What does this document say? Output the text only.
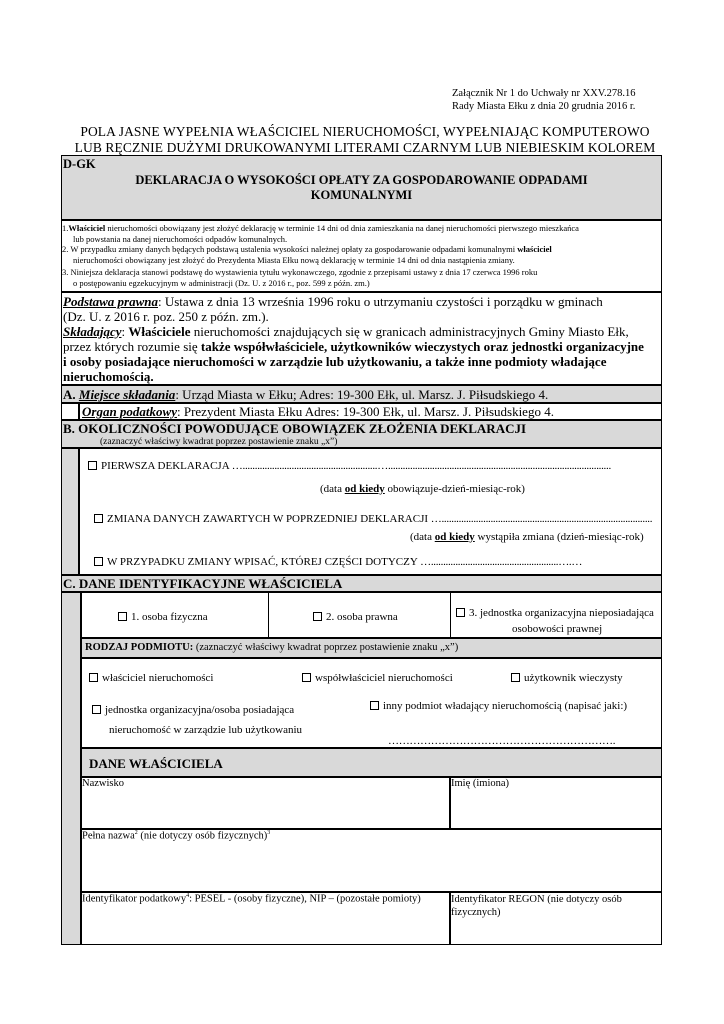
Załącznik Nr 1 do Uchwały nr XXV.278.16
Rady Miasta Ełku z dnia 20 grudnia 2016 r.
POLA JASNE WYPEŁNIA WŁAŚCICIEL NIERUCHOMOŚCI, WYPEŁNIAJĄC KOMPUTEROWO
LUB RĘCZNIE DUŻYMI DRUKOWANYMI LITERAMI CZARNYM LUB NIEBIESKIM KOLOREM
D-GK
DEKLARACJA O WYSOKOŚCI OPŁATY ZA GOSPODAROWANIE ODPADAMI
KOMUNALNYMI
1.Właściciel nieruchomości obowiązany jest złożyć deklarację w terminie 14 dni od dnia zamieszkania na danej nieruchomości pierwszego mieszkańca
lub powstania na danej nieruchomości odpadów komunalnych.
2. W przypadku zmiany danych będących podstawą ustalenia wysokości należnej opłaty za gospodarowanie odpadami komunalnymi właściciel
nieruchomości obowiązany jest złożyć do Prezydenta Miasta Ełku nową deklarację w terminie 14 dni od dnia nastąpienia zmiany.
3. Niniejsza deklaracja stanowi podstawę do wystawienia tytułu wykonawczego, zgodnie z przepisami ustawy z dnia 17 czerwca 1996 roku
o postępowaniu egzekucyjnym w administracji (Dz. U. z 2016 r., poz. 599 z późn. zm.)
Podstawa prawna: Ustawa z dnia 13 września 1996 roku o utrzymaniu czystości i porządku w gminach
(Dz. U. z 2016 r. poz. 250 z późn. zm.).
Składający: Właściciele nieruchomości znajdujących się w granicach administracyjnych Gminy Miasto Ełk,
przez których rozumie się także współwłaściciele, użytkowników wieczystych oraz jednostki organizacyjne
i osoby posiadające nieruchomości w zarządzie lub użytkowaniu, a także inne podmioty władające
nieruchomością.
A. Miejsce składania: Urząd Miasta w Ełku; Adres: 19-300 Ełk, ul. Marsz. J. Piłsudskiego 4.
Organ podatkowy: Prezydent Miasta Ełku Adres: 19-300 Ełk, ul. Marsz. J. Piłsudskiego 4.
B. OKOLICZNOŚCI POWODUJĄCE OBOWIĄZEK ZŁOŻENIA DEKLARACJI
(zaznaczyć właściwy kwadrat poprzez postawienie znaku „x”)
PIERWSZA DEKLARACJA ….......................................................…...........................................................................................
(data od kiedy obowiązuje-dzień-miesiąc-rok)
ZMIANA DANYCH ZAWARTYCH W POPRZEDNIEJ DEKLARACJI …......................................................................................
(data od kiedy wystąpiła zmiana (dzień-miesiąc-rok)
W PRZYPADKU ZMIANY WPISAĆ, KTÓREJ CZĘŚCI DOTYCZY …....................................................….…
C. DANE IDENTYFIKACYJNE WŁAŚCICIELA
1. osoba fizyczna	2. osoba prawna	3. jednostka organizacyjna nieposiadająca
osobowości prawnej
RODZAJ PODMIOTU: (zaznaczyć właściwy kwadrat poprzez postawienie znaku „x”)
właściciel nieruchomości	współwłaściciel nieruchomości	użytkownik wieczysty
jednostka organizacyjna/osoba posiadająca
nieruchomość w zarządzie lub użytkowaniu
inny podmiot władający nieruchomością (napisać jaki:)
……………………………………………………….
DANE WŁAŚCICIELA
Nazwisko	Imię (imiona)
Pełna nazwa$^2$ (nie dotyczy osób fizycznych)$^3$
Identyfikator podatkowy$^4$: PESEL - (osoby fizyczne), NIP – (pozostałe pomioty)	Identyfikator REGON (nie dotyczy osób
fizycznych)
